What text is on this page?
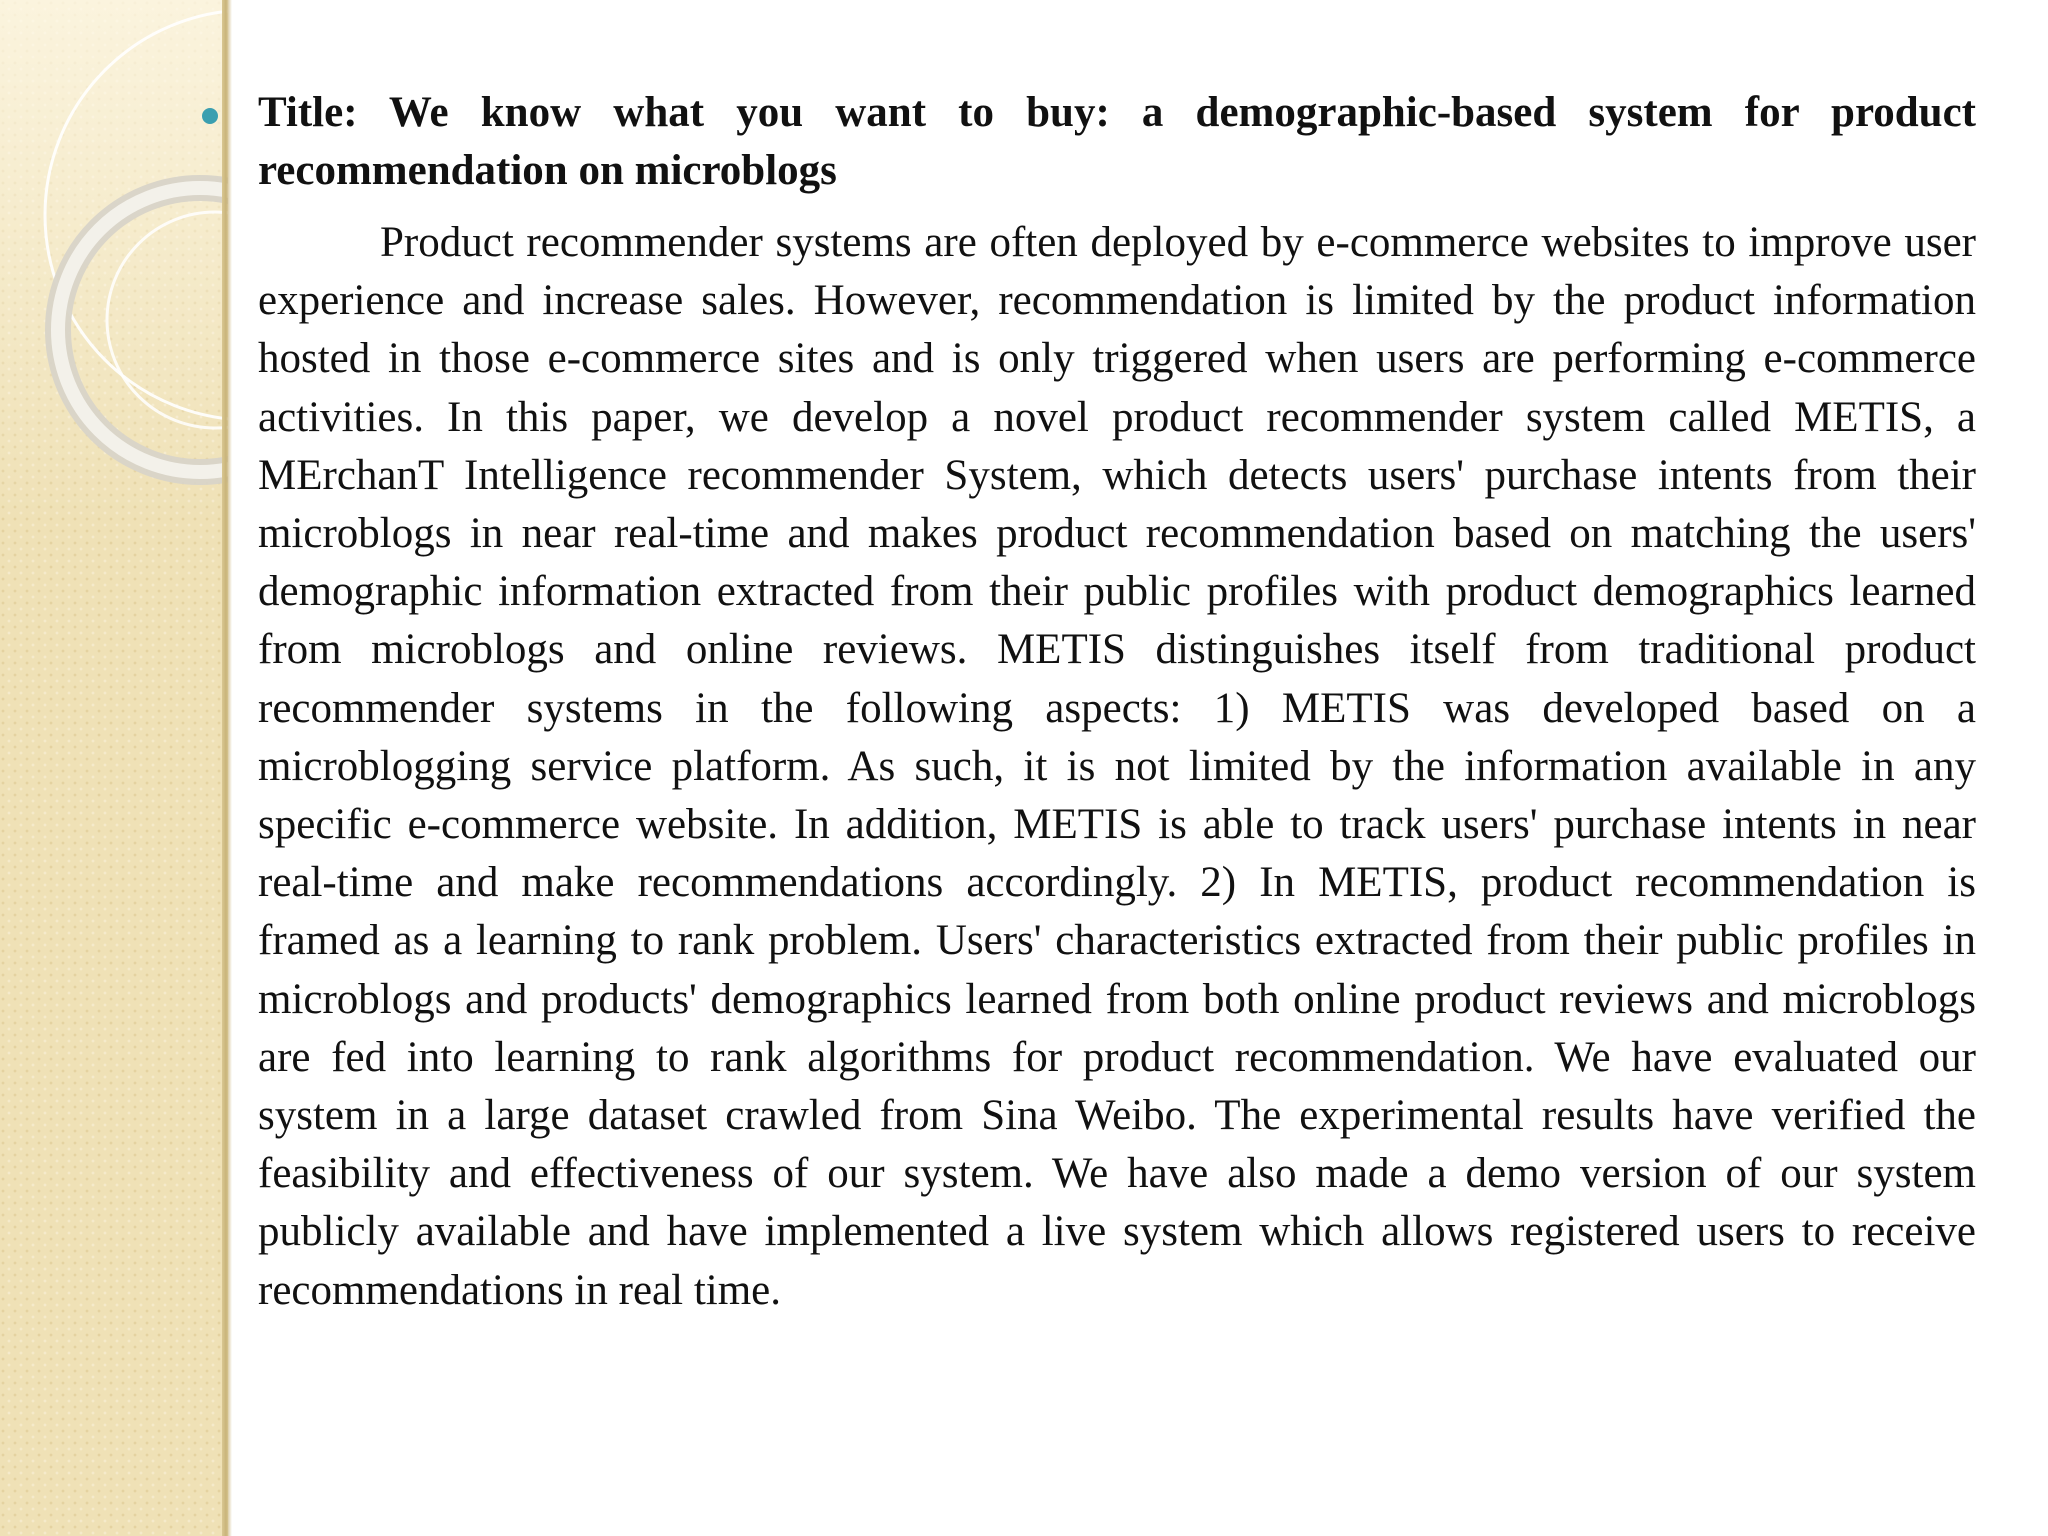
Title: We know what you want to buy: a demographic-based system for product recommendation on microblogs

Product recommender systems are often deployed by e-commerce websites to improve user experience and increase sales. However, recommendation is limited by the product information hosted in those e-commerce sites and is only triggered when users are performing e-commerce activities. In this paper, we develop a novel product recommender system called METIS, a MErchanT Intelligence recommender System, which detects users' purchase intents from their microblogs in near real-time and makes product recommendation based on matching the users' demographic information extracted from their public profiles with product demographics learned from microblogs and online reviews. METIS distinguishes itself from traditional product recommender systems in the following aspects: 1) METIS was developed based on a microblogging service platform. As such, it is not limited by the information available in any specific e-commerce website. In addition, METIS is able to track users' purchase intents in near real-time and make recommendations accordingly. 2) In METIS, product recommendation is framed as a learning to rank problem. Users' characteristics extracted from their public profiles in microblogs and products' demographics learned from both online product reviews and microblogs are fed into learning to rank algorithms for product recommendation. We have evaluated our system in a large dataset crawled from Sina Weibo. The experimental results have verified the feasibility and effectiveness of our system. We have also made a demo version of our system publicly available and have implemented a live system which allows registered users to receive recommendations in real time.
